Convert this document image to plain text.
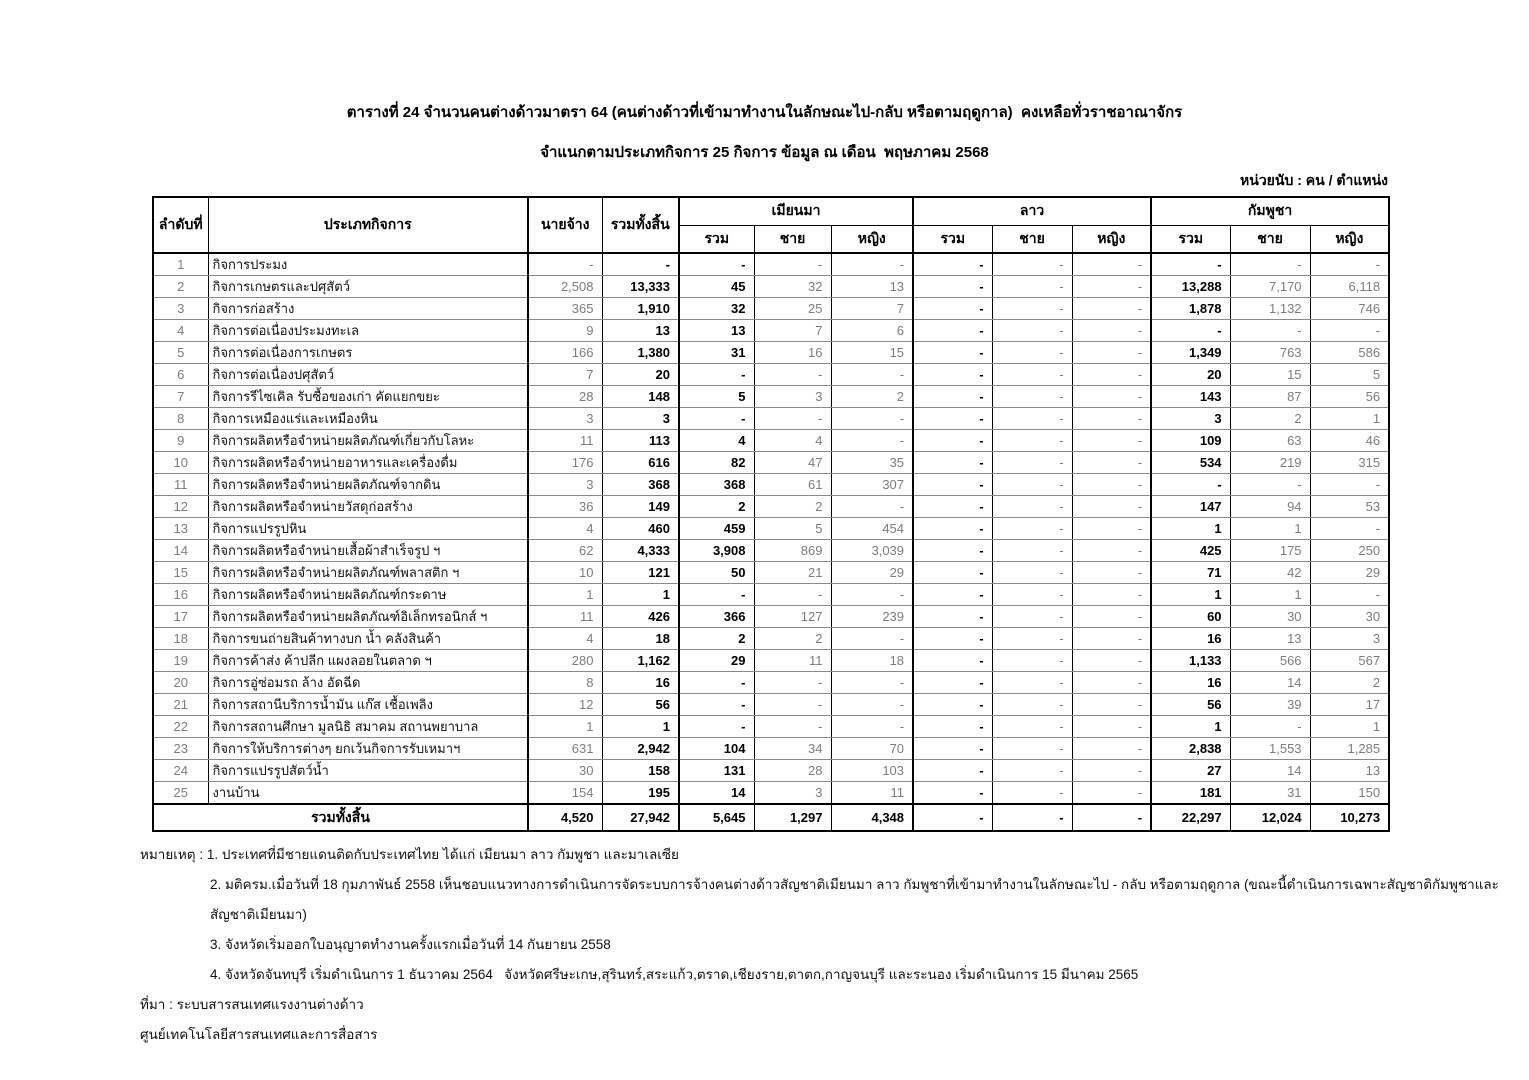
ตารางที่ 24 จำนวนคนต่างด้าวมาตรา 64 (คนต่างด้าวที่เข้ามาทำงานในลักษณะไป-กลับ หรือตามฤดูกาล)  คงเหลือทั่วราชอาณาจักร
จำแนกตามประเภทกิจการ 25 กิจการ ข้อมูล ณ เดือน  พฤษภาคม 2568
หน่วยนับ : คน / ตำแหน่ง
ลำดับที่	ประเภทกิจการ	นายจ้าง	รวมทั้งสิ้น	เมียนมา			ลาว			กัมพูชา		
				รวม	ชาย	หญิง	รวม	ชาย	หญิง	รวม	ชาย	หญิง
1	กิจการประมง	-	-	-	-	-	-	-	-	-	-	-
2	กิจการเกษตรและปศุสัตว์	2,508	13,333	45	32	13	-	-	-	13,288	7,170	6,118
3	กิจการก่อสร้าง	365	1,910	32	25	7	-	-	-	1,878	1,132	746
4	กิจการต่อเนื่องประมงทะเล	9	13	13	7	6	-	-	-	-	-	-
5	กิจการต่อเนื่องการเกษตร	166	1,380	31	16	15	-	-	-	1,349	763	586
6	กิจการต่อเนื่องปศุสัตว์	7	20	-	-	-	-	-	-	20	15	5
7	กิจการรีไซเคิล รับซื้อของเก่า คัดแยกขยะ	28	148	5	3	2	-	-	-	143	87	56
8	กิจการเหมืองแร่และเหมืองหิน	3	3	-	-	-	-	-	-	3	2	1
9	กิจการผลิตหรือจำหน่ายผลิตภัณฑ์เกี่ยวกับโลหะ	11	113	4	4	-	-	-	-	109	63	46
10	กิจการผลิตหรือจำหน่ายอาหารและเครื่องดื่ม	176	616	82	47	35	-	-	-	534	219	315
11	กิจการผลิตหรือจำหน่ายผลิตภัณฑ์จากดิน	3	368	368	61	307	-	-	-	-	-	-
12	กิจการผลิตหรือจำหน่ายวัสดุก่อสร้าง	36	149	2	2	-	-	-	-	147	94	53
13	กิจการแปรรูปหิน	4	460	459	5	454	-	-	-	1	1	-
14	กิจการผลิตหรือจำหน่ายเสื้อผ้าสำเร็จรูป ฯ	62	4,333	3,908	869	3,039	-	-	-	425	175	250
15	กิจการผลิตหรือจำหน่ายผลิตภัณฑ์พลาสติก ฯ	10	121	50	21	29	-	-	-	71	42	29
16	กิจการผลิตหรือจำหน่ายผลิตภัณฑ์กระดาษ	1	1	-	-	-	-	-	-	1	1	-
17	กิจการผลิตหรือจำหน่ายผลิตภัณฑ์อิเล็กทรอนิกส์ ฯ	11	426	366	127	239	-	-	-	60	30	30
18	กิจการขนถ่ายสินค้าทางบก น้ำ คลังสินค้า	4	18	2	2	-	-	-	-	16	13	3
19	กิจการค้าส่ง ค้าปลีก แผงลอยในตลาด ฯ	280	1,162	29	11	18	-	-	-	1,133	566	567
20	กิจการอู่ซ่อมรถ ล้าง อัดฉีด	8	16	-	-	-	-	-	-	16	14	2
21	กิจการสถานีบริการน้ำมัน แก๊ส เชื้อเพลิง	12	56	-	-	-	-	-	-	56	39	17
22	กิจการสถานศึกษา มูลนิธิ สมาคม สถานพยาบาล	1	1	-	-	-	-	-	-	1	-	1
23	กิจการให้บริการต่างๆ ยกเว้นกิจการรับเหมาฯ	631	2,942	104	34	70	-	-	-	2,838	1,553	1,285
24	กิจการแปรรูปสัตว์น้ำ	30	158	131	28	103	-	-	-	27	14	13
25	งานบ้าน	154	195	14	3	11	-	-	-	181	31	150
รวมทั้งสิ้น		4,520	27,942	5,645	1,297	4,348	-	-	-	22,297	12,024	10,273
หมายเหตุ : 1. ประเทศที่มีชายแดนติดกับประเทศไทย ได้แก่ เมียนมา ลาว กัมพูชา และมาเลเซีย
2. มติครม.เมื่อวันที่ 18 กุมภาพันธ์ 2558 เห็นชอบแนวทางการดำเนินการจัดระบบการจ้างคนต่างด้าวสัญชาติเมียนมา ลาว กัมพูชาที่เข้ามาทำงานในลักษณะไป - กลับ หรือตามฤดูกาล (ขณะนี้ดำเนินการเฉพาะสัญชาติกัมพูชาและสัญชาติเมียนมา)
3. จังหวัดเริ่มออกใบอนุญาตทำงานครั้งแรกเมื่อวันที่ 14 กันยายน 2558
4. จังหวัดจันทบุรี เริ่มดำเนินการ 1 ธันวาคม 2564   จังหวัดศรีษะเกษ,สุรินทร์,สระแก้ว,ตราด,เชียงราย,ตาตก,กาญจนบุรี และระนอง เริ่มดำเนินการ 15 มีนาคม 2565
ที่มา : ระบบสารสนเทศแรงงานต่างด้าว
ศูนย์เทคโนโลยีสารสนเทศและการสื่อสาร
